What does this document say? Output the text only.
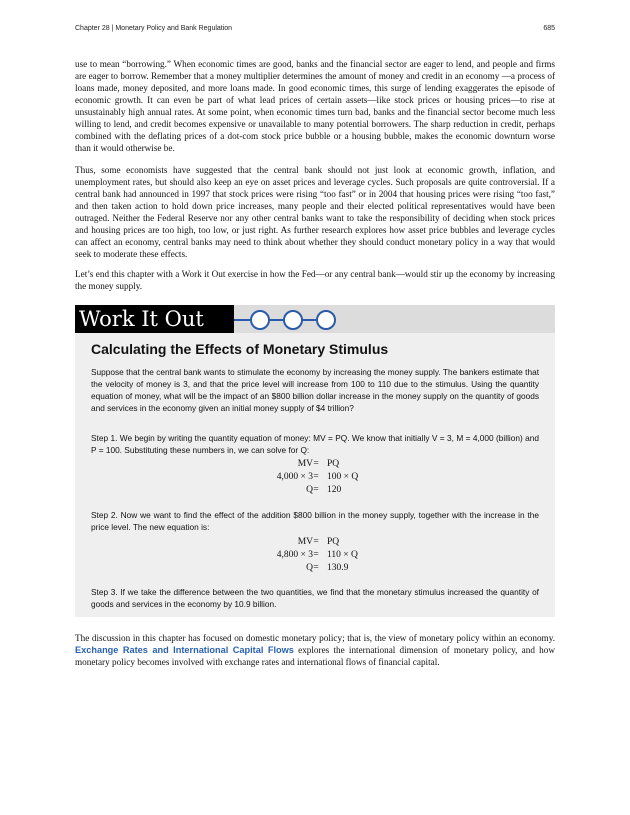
Chapter 28 | Monetary Policy and Bank Regulation	685

use to mean “borrowing.” When economic times are good, banks and the financial sector are eager to lend, and people and firms are eager to borrow. Remember that a money multiplier determines the amount of money and credit in an economy —a process of loans made, money deposited, and more loans made. In good economic times, this surge of lending exaggerates the episode of economic growth. It can even be part of what lead prices of certain assets—like stock prices or housing prices—to rise at unsustainably high annual rates. At some point, when economic times turn bad, banks and the financial sector become much less willing to lend, and credit becomes expensive or unavailable to many potential borrowers. The sharp reduction in credit, perhaps combined with the deflating prices of a dot-com stock price bubble or a housing bubble, makes the economic downturn worse than it would otherwise be.

Thus, some economists have suggested that the central bank should not just look at economic growth, inflation, and unemployment rates, but should also keep an eye on asset prices and leverage cycles. Such proposals are quite controversial. If a central bank had announced in 1997 that stock prices were rising “too fast” or in 2004 that housing prices were rising “too fast,” and then taken action to hold down price increases, many people and their elected political representatives would have been outraged. Neither the Federal Reserve nor any other central banks want to take the responsibility of deciding when stock prices and housing prices are too high, too low, or just right. As further research explores how asset price bubbles and leverage cycles can affect an economy, central banks may need to think about whether they should conduct monetary policy in a way that would seek to moderate these effects.

Let’s end this chapter with a Work it Out exercise in how the Fed—or any central bank—would stir up the economy by increasing the money supply.

Work It Out
Calculating the Effects of Monetary Stimulus

Suppose that the central bank wants to stimulate the economy by increasing the money supply. The bankers estimate that the velocity of money is 3, and that the price level will increase from 100 to 110 due to the stimulus. Using the quantity equation of money, what will be the impact of an $800 billion dollar increase in the money supply on the quantity of goods and services in the economy given an initial money supply of $4 trillion?

Step 1. We begin by writing the quantity equation of money: MV = PQ. We know that initially V = 3, M = 4,000 (billion) and P = 100. Substituting these numbers in, we can solve for Q:

MV = PQ
4,000 × 3 = 100 × Q
Q = 120

Step 2. Now we want to find the effect of the addition $800 billion in the money supply, together with the increase in the price level. The new equation is:

MV = PQ
4,800 × 3 = 110 × Q
Q = 130.9

Step 3. If we take the difference between the two quantities, we find that the monetary stimulus increased the quantity of goods and services in the economy by 10.9 billion.

The discussion in this chapter has focused on domestic monetary policy; that is, the view of monetary policy within an economy. Exchange Rates and International Capital Flows explores the international dimension of monetary policy, and how monetary policy becomes involved with exchange rates and international flows of financial capital.
